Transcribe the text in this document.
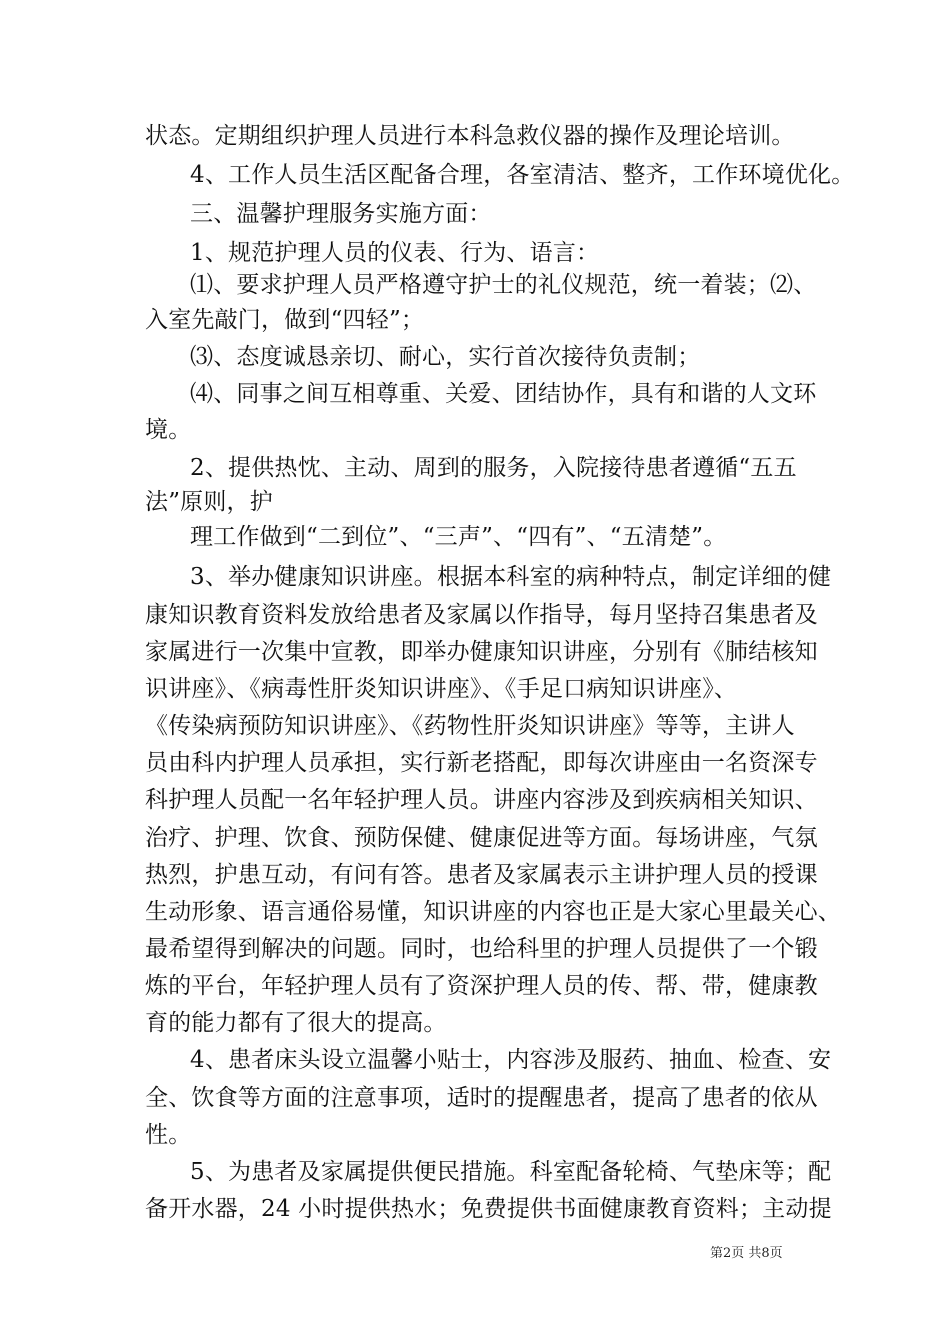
状态。定期组织护理人员进行本科急救仪器的操作及理论培训。
4、工作人员生活区配备合理，各室清洁、整齐，工作环境优化。
三、温馨护理服务实施方面：
1、规范护理人员的仪表、行为、语言：
⑴、要求护理人员严格遵守护士的礼仪规范，统一着装；⑵、
入室先敲门，做到“四轻”；
⑶、态度诚恳亲切、耐心，实行首次接待负责制；
⑷、同事之间互相尊重、关爱、团结协作，具有和谐的人文环
境。
2、提供热忱、主动、周到的服务，入院接待患者遵循“五五
法”原则，护
理工作做到“二到位”、“三声”、“四有”、“五清楚”。
3、举办健康知识讲座。根据本科室的病种特点，制定详细的健
康知识教育资料发放给患者及家属以作指导，每月坚持召集患者及
家属进行一次集中宣教，即举办健康知识讲座，分别有《肺结核知
识讲座》、《病毒性肝炎知识讲座》、《手足口病知识讲座》、
《传染病预防知识讲座》、《药物性肝炎知识讲座》等等，主讲人
员由科内护理人员承担，实行新老搭配，即每次讲座由一名资深专
科护理人员配一名年轻护理人员。讲座内容涉及到疾病相关知识、
治疗、护理、饮食、预防保健、健康促进等方面。每场讲座，气氛
热烈，护患互动，有问有答。患者及家属表示主讲护理人员的授课
生动形象、语言通俗易懂，知识讲座的内容也正是大家心里最关心、
最希望得到解决的问题。同时，也给科里的护理人员提供了一个锻
炼的平台，年轻护理人员有了资深护理人员的传、帮、带，健康教
育的能力都有了很大的提高。
4、患者床头设立温馨小贴士，内容涉及服药、抽血、检查、安
全、饮食等方面的注意事项，适时的提醒患者，提高了患者的依从
性。
5、为患者及家属提供便民措施。科室配备轮椅、气垫床等；配
备开水器，24 小时提供热水；免费提供书面健康教育资料；主动提
第2页 共8页
